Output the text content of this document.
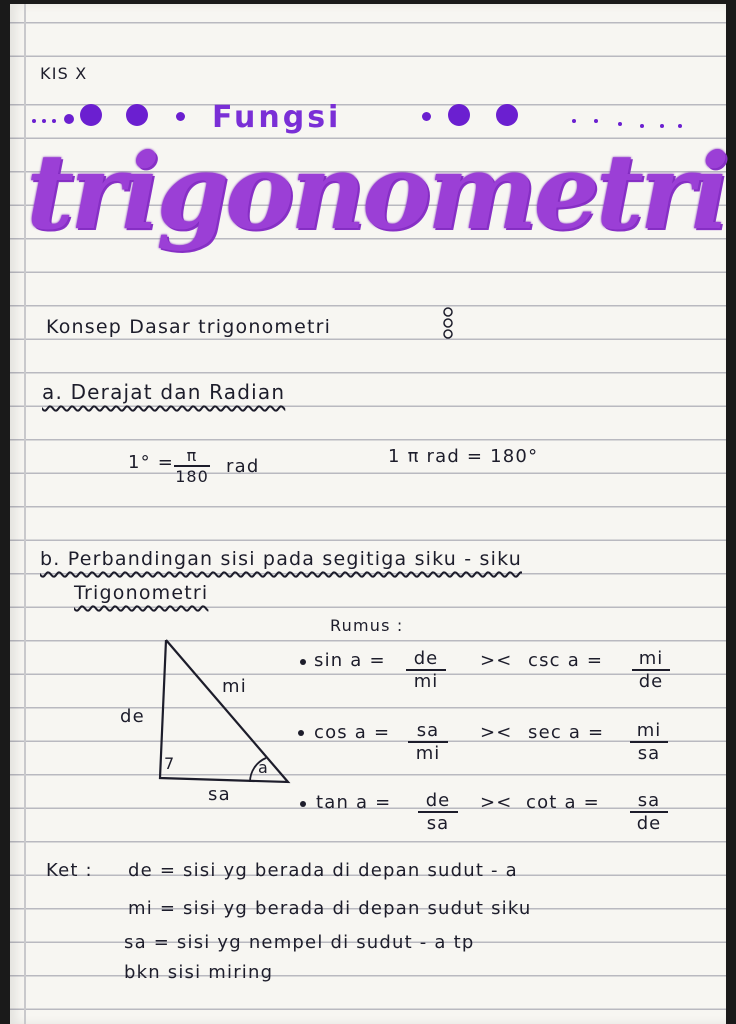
KIS X
Fungsi
trigonometri
Konsep Dasar trigonometri
a. Derajat dan Radian
$1^\circ = \frac{\pi}{180}$ rad	1 π rad = 180°
b. Perbandingan sisi pada segitiga siku - siku
Trigonometri
Rumus :
de
mi
sa
a
7
$\sin a = \frac{de}{mi} >< \csc a = \frac{mi}{de}$
$\cos a = \frac{sa}{mi} >< \sec a = \frac{mi}{sa}$
$\tan a = \frac{de}{sa} >< \cot a = \frac{sa}{de}$
Ket : de = sisi yg berada di depan sudut - a
mi = sisi yg berada di depan sudut siku
sa = sisi yg nempel di sudut - a tp
bkn sisi miring
